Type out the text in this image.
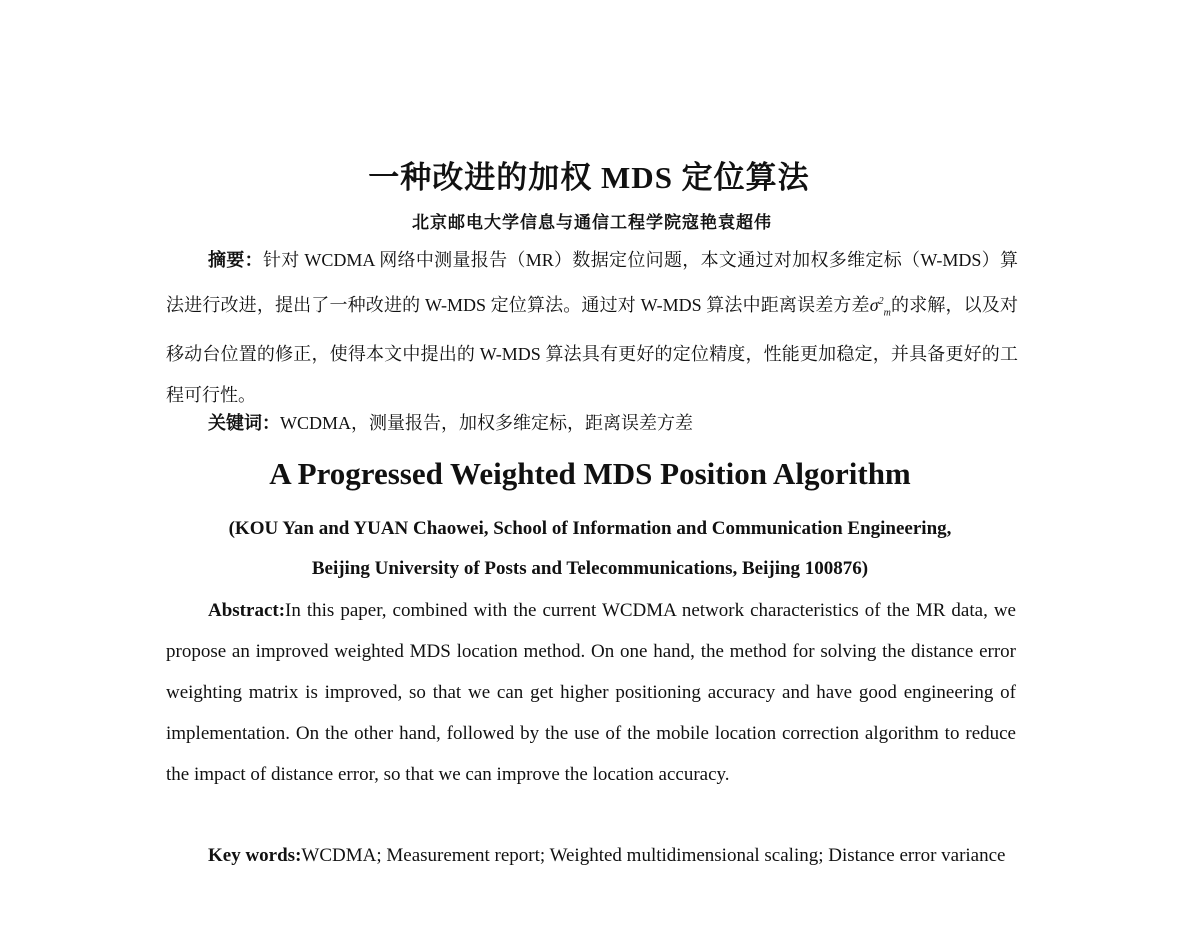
一种改进的加权 MDS 定位算法
北京邮电大学信息与通信工程学院寇艳袁超伟
摘要：针对 WCDMA 网络中测量报告（MR）数据定位问题，本文通过对加权多维定标（W-MDS）算法进行改进，提出了一种改进的 W-MDS 定位算法。通过对 W-MDS 算法中距离误差方差$\sigma^2_m$的求解，以及对移动台位置的修正，使得本文中提出的 W-MDS 算法具有更好的定位精度，性能更加稳定，并具备更好的工程可行性。
关键词：WCDMA，测量报告，加权多维定标，距离误差方差
A Progressed Weighted MDS Position Algorithm
(KOU Yan and YUAN Chaowei, School of Information and Communication Engineering,
Beijing University of Posts and Telecommunications, Beijing 100876)
Abstract:In this paper, combined with the current WCDMA network characteristics of the MR data, we propose an improved weighted MDS location method. On one hand, the method for solving the distance error weighting matrix is improved, so that we can get higher positioning accuracy and have good engineering of implementation. On the other hand, followed by the use of the mobile location correction algorithm to reduce the impact of distance error, so that we can improve the location accuracy.
Key words:WCDMA; Measurement report; Weighted multidimensional scaling; Distance error variance
